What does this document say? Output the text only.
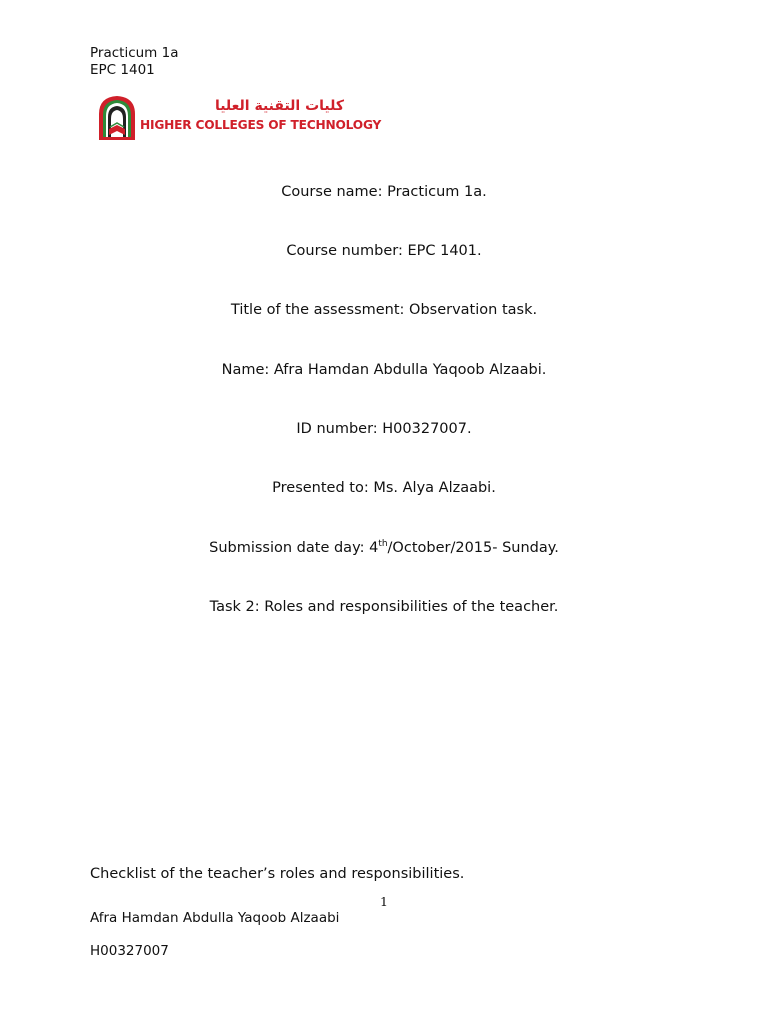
Practicum 1a
EPC 1401
كليات التقنية العليا
HIGHER COLLEGES OF TECHNOLOGY
Course name: Practicum 1a.
Course number: EPC 1401.
Title of the assessment: Observation task.
Name: Afra Hamdan Abdulla Yaqoob Alzaabi.
ID number: H00327007.
Presented to: Ms. Alya Alzaabi.
Submission date day: 4th/October/2015- Sunday.
Task 2: Roles and responsibilities of the teacher.
Checklist of the teacher’s roles and responsibilities.
1
Afra Hamdan Abdulla Yaqoob Alzaabi
H00327007
